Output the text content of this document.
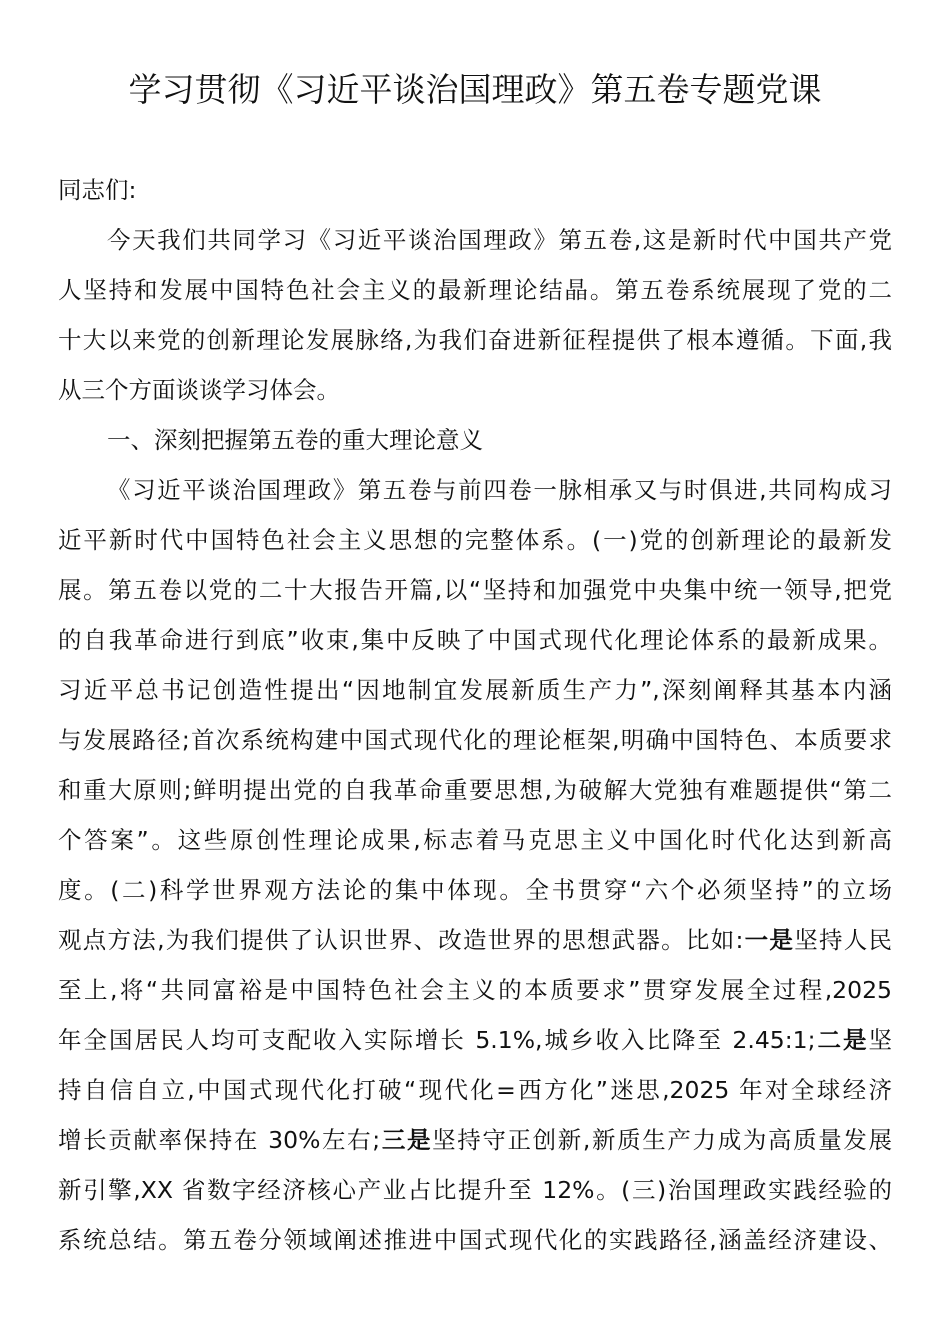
学习贯彻《习近平谈治国理政》第五卷专题党课
同志们:
今天我们共同学习《习近平谈治国理政》第五卷,这是新时代中国共产党
人坚持和发展中国特色社会主义的最新理论结晶。第五卷系统展现了党的二
十大以来党的创新理论发展脉络,为我们奋进新征程提供了根本遵循。下面,我
从三个方面谈谈学习体会。
一、深刻把握第五卷的重大理论意义
《习近平谈治国理政》第五卷与前四卷一脉相承又与时俱进,共同构成习
近平新时代中国特色社会主义思想的完整体系。(一)党的创新理论的最新发
展。第五卷以党的二十大报告开篇,以“坚持和加强党中央集中统一领导,把党
的自我革命进行到底”收束,集中反映了中国式现代化理论体系的最新成果。
习近平总书记创造性提出“因地制宜发展新质生产力”,深刻阐释其基本内涵
与发展路径;首次系统构建中国式现代化的理论框架,明确中国特色、本质要求
和重大原则;鲜明提出党的自我革命重要思想,为破解大党独有难题提供“第二
个答案”。这些原创性理论成果,标志着马克思主义中国化时代化达到新高
度。(二)科学世界观方法论的集中体现。全书贯穿“六个必须坚持”的立场
观点方法,为我们提供了认识世界、改造世界的思想武器。比如:一是坚持人民
至上,将“共同富裕是中国特色社会主义的本质要求”贯穿发展全过程,2025
年全国居民人均可支配收入实际增长 5.1%,城乡收入比降至 2.45:1;二是坚
持自信自立,中国式现代化打破“现代化=西方化”迷思,2025 年对全球经济
增长贡献率保持在 30%左右;三是坚持守正创新,新质生产力成为高质量发展
新引擎,XX 省数字经济核心产业占比提升至 12%。(三)治国理政实践经验的
系统总结。第五卷分领域阐述推进中国式现代化的实践路径,涵盖经济建设、
